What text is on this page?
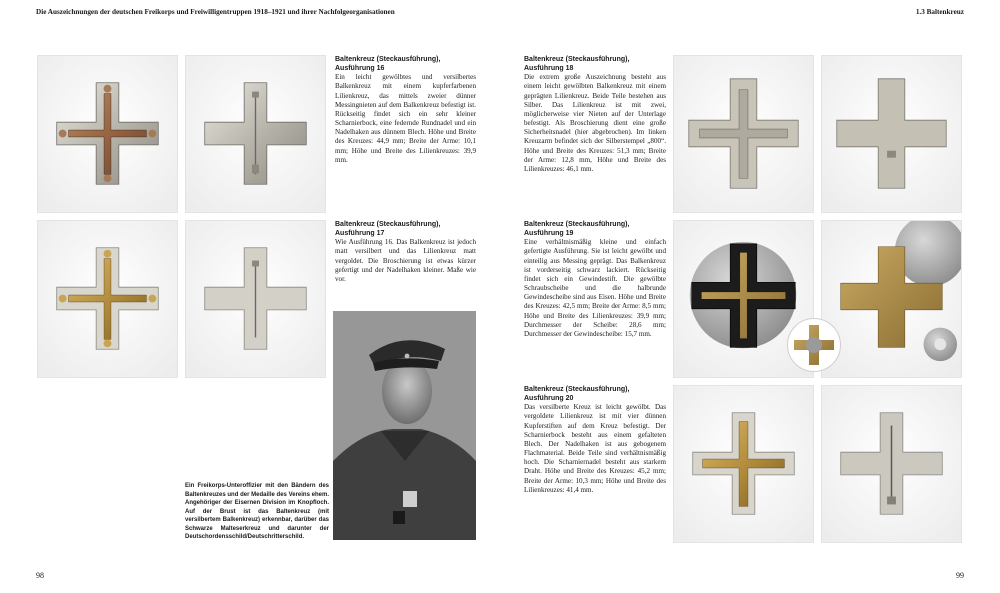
Die Auszeichnungen der deutschen Freikorps und Freiwilligentruppen 1918–1921 und ihrer Nachfolgeorganisationen	1.3 Baltenkreuz
Baltenkreuz (Steckausführung),
Ausführung 16
Ein leicht gewölbtes und versilbertes Balkenkreuz mit einem kupferfarbenen Lilienkreuz, das mittels zweier dünner Messingnieten auf dem Balkenkreuz befestigt ist. Rückseitig findet sich ein sehr kleiner Scharnierbock, eine federnde Rundnadel und ein Nadelhaken aus dünnem Blech. Höhe und Breite des Kreuzes: 44,9 mm; Breite der Arme: 10,1 mm; Höhe und Breite des Lilienkreuzes: 39,9 mm.
Baltenkreuz (Steckausführung),
Ausführung 17
Wie Ausführung 16. Das Balkenkreuz ist jedoch matt versilbert und das Lilienkreuz matt vergoldet. Die Broschierung ist etwas kürzer gefertigt und der Nadelhaken kleiner. Maße wie vor.
Ein Freikorps-Unteroffizier mit den Bändern des Baltenkreuzes und der Medaille des Vereins ehem. Angehöriger der Eisernen Division im Knopfloch. Auf der Brust ist das Baltenkreuz (mit versilbertem Balkenkreuz) erkennbar, darüber das Schwarze Malteserkreuz und darunter der Deutschordensschild/Deutschritterschild.
Baltenkreuz (Steckausführung),
Ausführung 18
Die extrem große Auszeichnung besteht aus einem leicht gewölbten Balkenkreuz mit einem geprägten Lilienkreuz. Beide Teile bestehen aus Silber. Das Lilienkreuz ist mit zwei, möglicherweise vier Nieten auf der Unterlage befestigt. Als Broschierung dient eine große Sicherheitsnadel (hier abgebrochen). Im linken Kreuzarm befindet sich der Silberstempel „800“. Höhe und Breite des Kreuzes: 51,3 mm; Breite der Arme: 12,8 mm, Höhe und Breite des Lilienkreuzes: 46,1 mm.
Baltenkreuz (Steckausführung),
Ausführung 19
Eine verhältnismäßig kleine und einfach gefertigte Ausführung. Sie ist leicht gewölbt und einteilig aus Messing geprägt. Das Balkenkreuz ist vorderseitig schwarz lackiert. Rückseitig findet sich ein Gewindestift. Die gewölbte Schraubscheibe und die halbrunde Gewindescheibe sind aus Eisen. Höhe und Breite des Kreuzes: 42,5 mm; Breite der Arme: 8,5 mm; Höhe und Breite des Lilienkreuzes: 39,9 mm; Durchmesser der Scheibe: 28,6 mm; Durchmesser der Gewindescheibe: 15,7 mm.
Baltenkreuz (Steckausführung),
Ausführung 20
Das versilberte Kreuz ist leicht gewölbt. Das vergoldete Lilienkreuz ist mit vier dünnen Kupferstiften auf dem Kreuz befestigt. Der Scharnierbock besteht aus einem gefalteten Blech. Der Nadelhaken ist aus gebogenem Flachmaterial. Beide Teile sind verhältnismäßig hoch. Die Scharniernadel besteht aus starkem Draht. Höhe und Breite des Kreuzes: 45,2 mm; Breite der Arme: 10,3 mm; Höhe und Breite des Lilienkreuzes: 41,4 mm.
98	99
